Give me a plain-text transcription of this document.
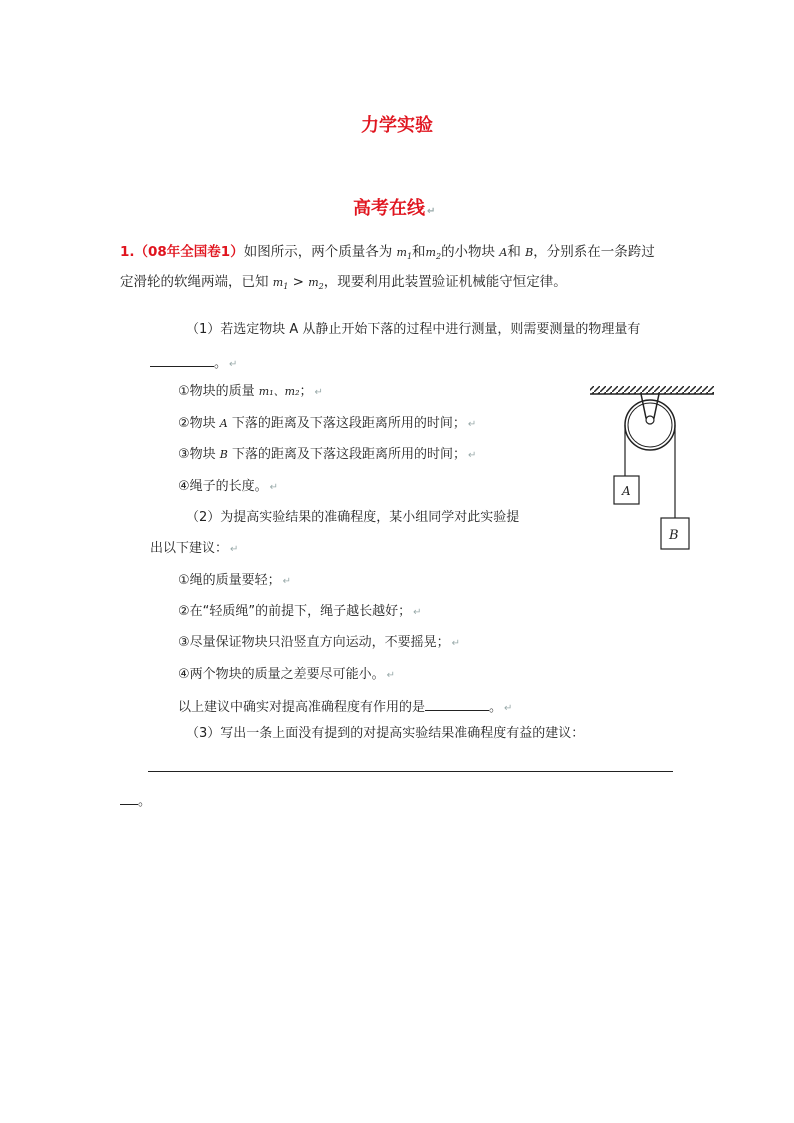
力学实验
高考在线 ↵
1.（08年全国卷1）如图所示，两个质量各为 $m_1$和$m_2$的小物块 A和 B，分别系在一条跨过
定滑轮的软绳两端，已知 $m_1 > m_2$，现要利用此装置验证机械能守恒定律。
（1）若选定物块 A 从静止开始下落的过程中进行测量，则需要测量的物理量有
。 ↵
①物块的质量 m₁、m₂； ↵
②物块 A 下落的距离及下落这段距离所用的时间； ↵
③物块 B 下落的距离及下落这段距离所用的时间； ↵
④绳子的长度。 ↵
（2）为提高实验结果的准确程度，某小组同学对此实验提
出以下建议： ↵
①绳的质量要轻； ↵
②在“轻质绳”的前提下，绳子越长越好； ↵
③尽量保证物块只沿竖直方向运动，不要摇晃； ↵
④两个物块的质量之差要尽可能小。 ↵
以上建议中确实对提高准确程度有作用的是	。 ↵
（3）写出一条上面没有提到的对提高实验结果准确程度有益的建议：
。
A
B
